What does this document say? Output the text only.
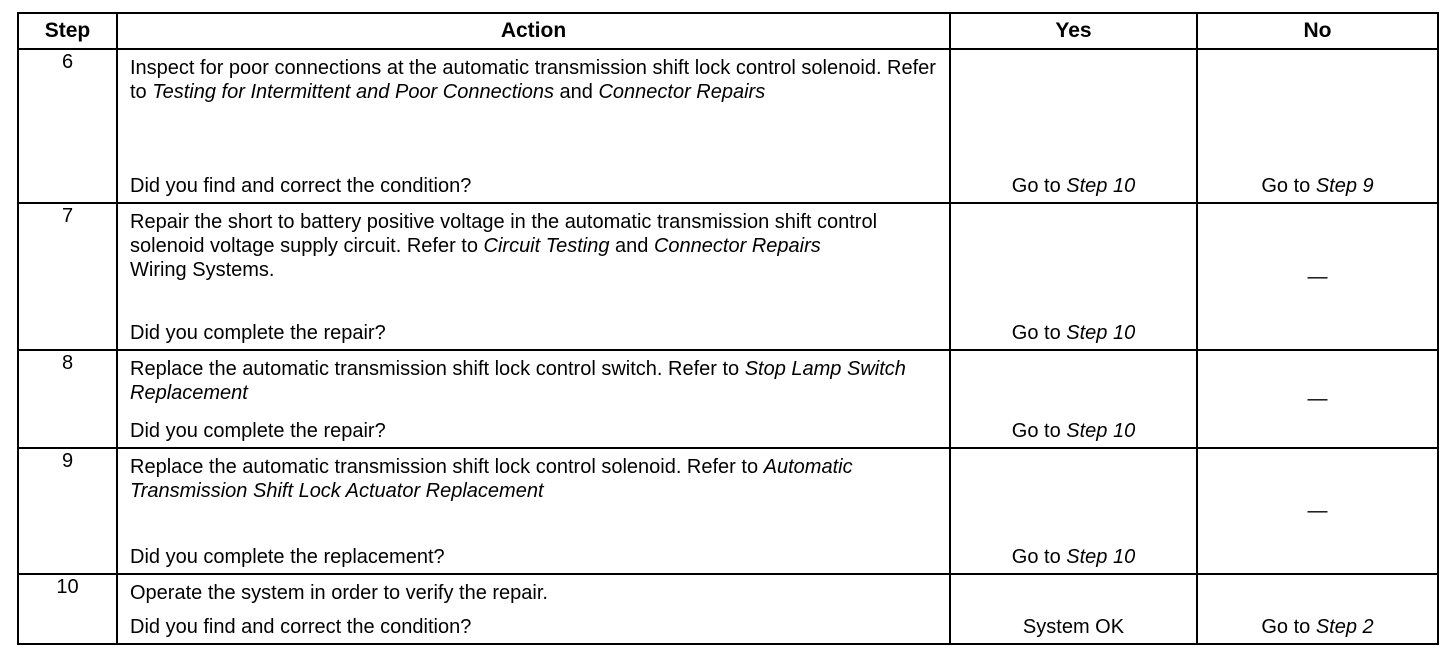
Step	Action	Yes	No
6	Inspect for poor connections at the automatic transmission shift lock control solenoid. Refer to Testing for Intermittent and Poor Connections and Connector Repairs
Did you find and correct the condition?	Go to Step 10	Go to Step 9

7	Repair the short to battery positive voltage in the automatic transmission shift control solenoid voltage supply circuit. Refer to Circuit Testing and Connector Repairs
Wiring Systems.
Did you complete the repair?	Go to Step 10	—

8	Replace the automatic transmission shift lock control switch. Refer to Stop Lamp Switch Replacement
Did you complete the repair?	Go to Step 10	—

9	Replace the automatic transmission shift lock control solenoid. Refer to Automatic Transmission Shift Lock Actuator Replacement
Did you complete the replacement?	Go to Step 10	—

10	Operate the system in order to verify the repair.
Did you find and correct the condition?	System OK	Go to Step 2
